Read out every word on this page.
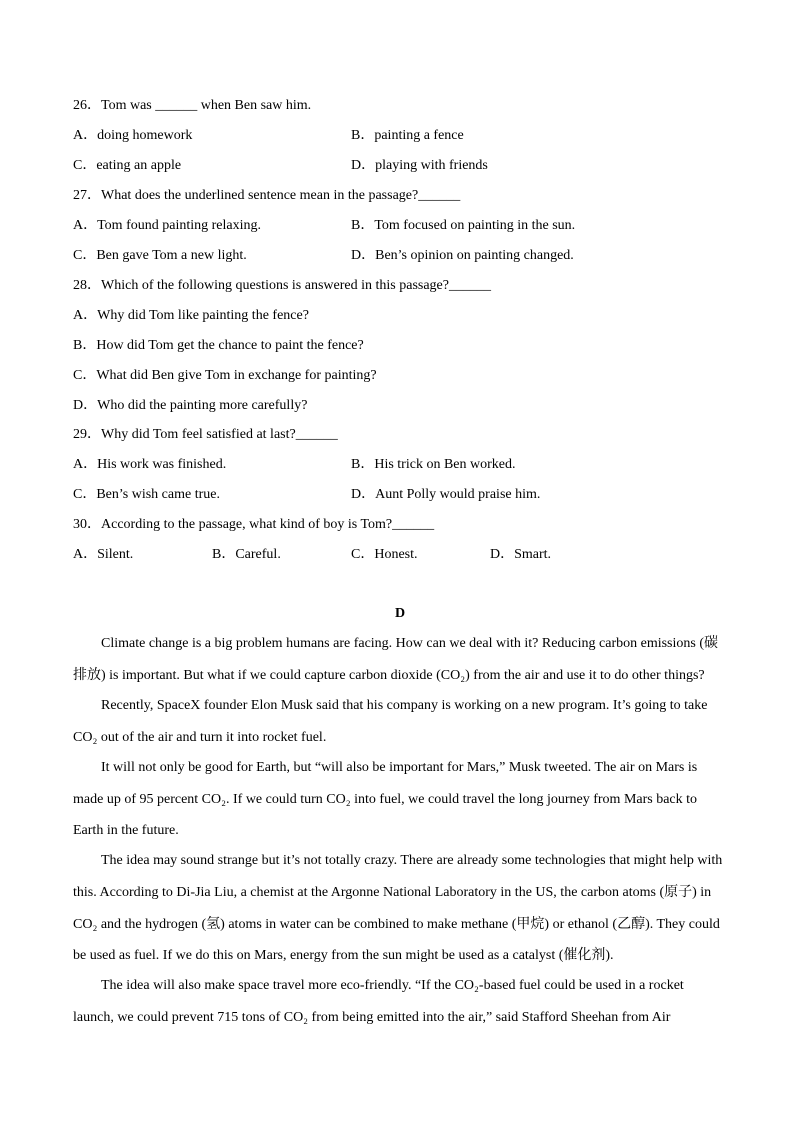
26．Tom was ______ when Ben saw him.
A．doing homework	B．painting a fence
C．eating an apple	D．playing with friends
27．What does the underlined sentence mean in the passage?______
A．Tom found painting relaxing.	B．Tom focused on painting in the sun.
C．Ben gave Tom a new light.	D．Ben’s opinion on painting changed.
28．Which of the following questions is answered in this passage?______
A．Why did Tom like painting the fence?
B．How did Tom get the chance to paint the fence?
C．What did Ben give Tom in exchange for painting?
D．Who did the painting more carefully?
29．Why did Tom feel satisfied at last?______
A．His work was finished.	B．His trick on Ben worked.
C．Ben’s wish came true.	D．Aunt Polly would praise him.
30．According to the passage, what kind of boy is Tom?______
A．Silent.	B．Careful.	C．Honest.	D．Smart.
D
Climate change is a big problem humans are facing. How can we deal with it? Reducing carbon emissions (碳
排放) is important. But what if we could capture carbon dioxide (CO₂) from the air and use it to do other things?
Recently, SpaceX founder Elon Musk said that his company is working on a new program. It’s going to take
CO₂ out of the air and turn it into rocket fuel.
It will not only be good for Earth, but “will also be important for Mars,” Musk tweeted. The air on Mars is
made up of 95 percent CO₂. If we could turn CO₂ into fuel, we could travel the long journey from Mars back to
Earth in the future.
The idea may sound strange but it’s not totally crazy. There are already some technologies that might help with
this. According to Di-Jia Liu, a chemist at the Argonne National Laboratory in the US, the carbon atoms (原子) in
CO₂ and the hydrogen (氢) atoms in water can be combined to make methane (甲烷) or ethanol (乙醇). They could
be used as fuel. If we do this on Mars, energy from the sun might be used as a catalyst (催化剂).
The idea will also make space travel more eco-friendly. “If the CO₂-based fuel could be used in a rocket
launch, we could prevent 715 tons of CO₂ from being emitted into the air,” said Stafford Sheehan from Air
